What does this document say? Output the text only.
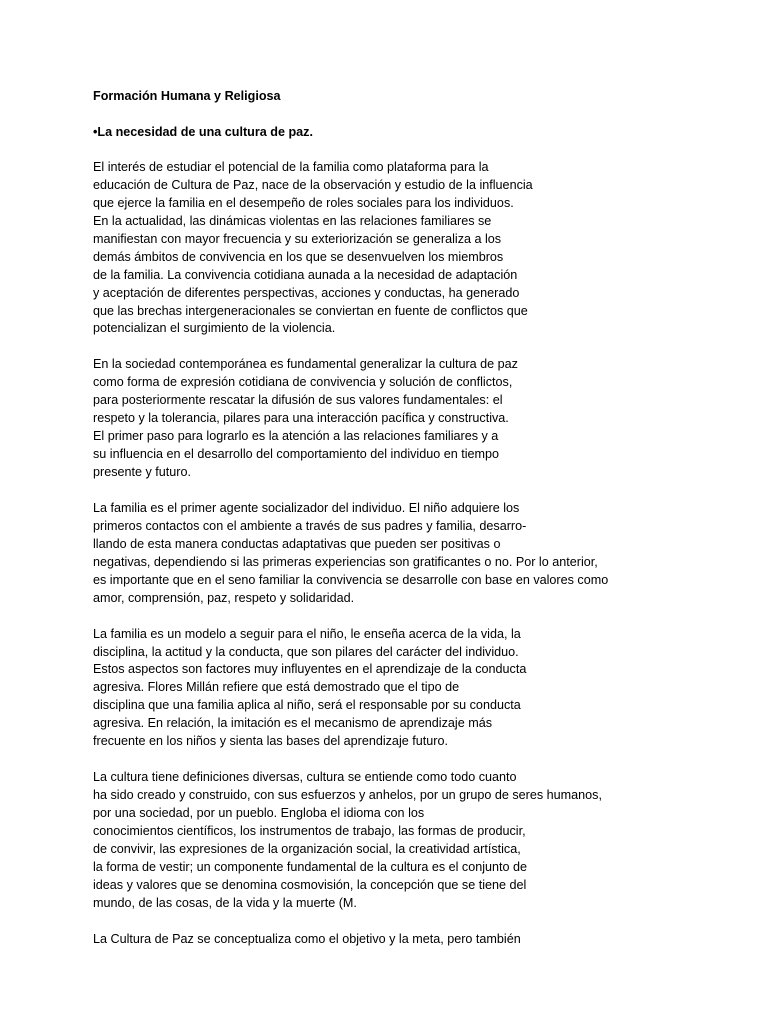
Formación Humana y Religiosa

•La necesidad de una cultura de paz.

El interés de estudiar el potencial de la familia como plataforma para la
educación de Cultura de Paz, nace de la observación y estudio de la influencia
que ejerce la familia en el desempeño de roles sociales para los individuos.
En la actualidad, las dinámicas violentas en las relaciones familiares se
manifiestan con mayor frecuencia y su exteriorización se generaliza a los
demás ámbitos de convivencia en los que se desenvuelven los miembros
de la familia. La convivencia cotidiana aunada a la necesidad de adaptación
y aceptación de diferentes perspectivas, acciones y conductas, ha generado
que las brechas intergeneracionales se conviertan en fuente de conflictos que
potencializan el surgimiento de la violencia.
En la sociedad contemporánea es fundamental generalizar la cultura de paz
como forma de expresión cotidiana de convivencia y solución de conflictos,
para posteriormente rescatar la difusión de sus valores fundamentales: el
respeto y la tolerancia, pilares para una interacción pacífica y constructiva.
El primer paso para lograrlo es la atención a las relaciones familiares y a
su influencia en el desarrollo del comportamiento del individuo en tiempo
presente y futuro.
La familia es el primer agente socializador del individuo. El niño adquiere los
primeros contactos con el ambiente a través de sus padres y familia, desarro-
llando de esta manera conductas adaptativas que pueden ser positivas o
negativas, dependiendo si las primeras experiencias son gratificantes o no. Por lo anterior,
es importante que en el seno familiar la convivencia se desarrolle con base en valores como
amor, comprensión, paz, respeto y solidaridad.
La familia es un modelo a seguir para el niño, le enseña acerca de la vida, la
disciplina, la actitud y la conducta, que son pilares del carácter del individuo.
Estos aspectos son factores muy influyentes en el aprendizaje de la conducta
agresiva. Flores Millán refiere que está demostrado que el tipo de
disciplina que una familia aplica al niño, será el responsable por su conducta
agresiva. En relación, la imitación es el mecanismo de aprendizaje más
frecuente en los niños y sienta las bases del aprendizaje futuro.
La cultura tiene definiciones diversas, cultura se entiende como todo cuanto
ha sido creado y construido, con sus esfuerzos y anhelos, por un grupo de seres humanos,
por una sociedad, por un pueblo. Engloba el idioma con los
conocimientos científicos, los instrumentos de trabajo, las formas de producir,
de convivir, las expresiones de la organización social, la creatividad artística,
la forma de vestir; un componente fundamental de la cultura es el conjunto de
ideas y valores que se denomina cosmovisión, la concepción que se tiene del
mundo, de las cosas, de la vida y la muerte (M.
La Cultura de Paz se conceptualiza como el objetivo y la meta, pero también
